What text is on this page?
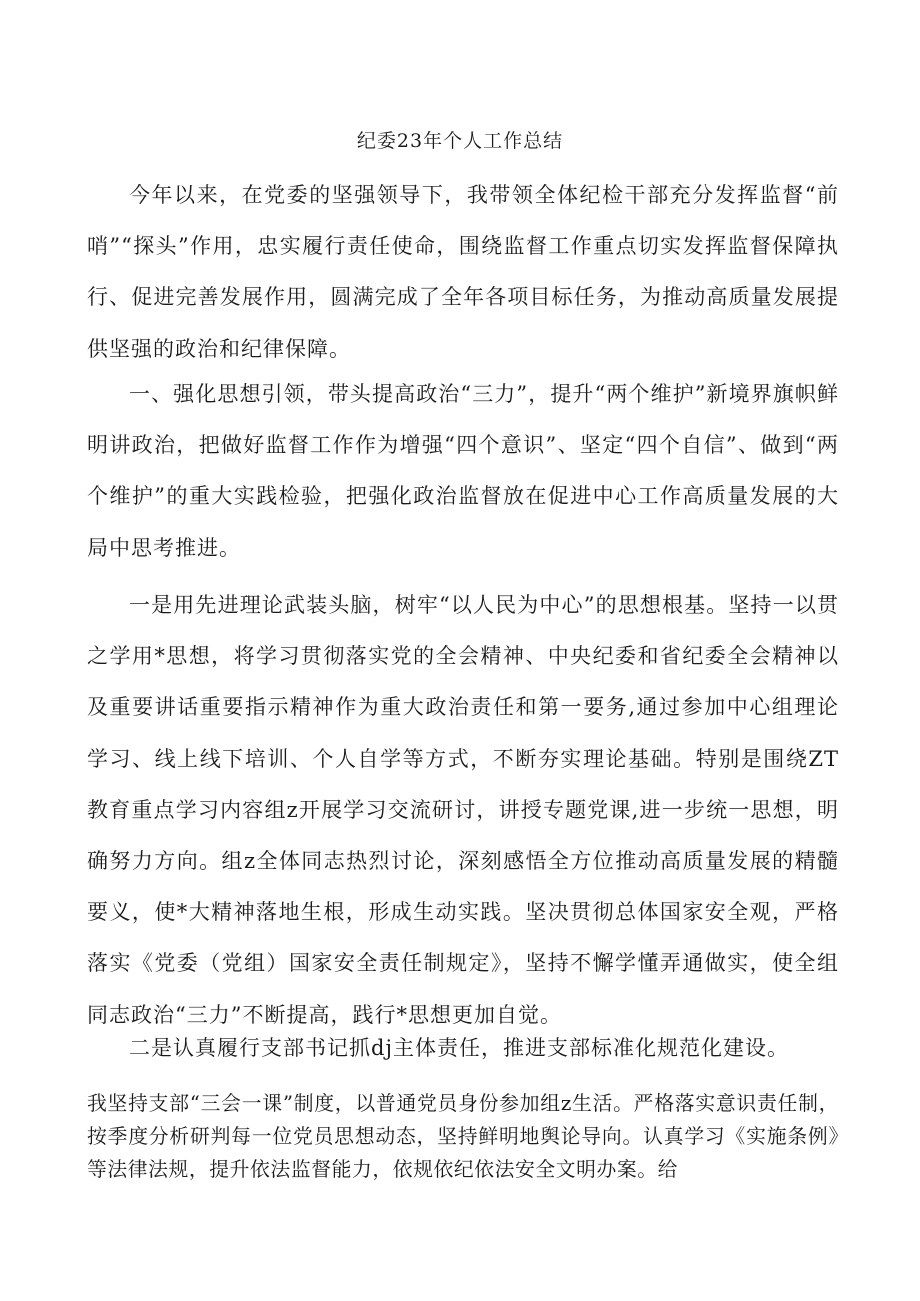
纪委23年个人工作总结

今年以来，在党委的坚强领导下，我带领全体纪检干部充分发挥监督“前哨”“探头”作用，忠实履行责任使命，围绕监督工作重点切实发挥监督保障执行、促进完善发展作用，圆满完成了全年各项目标任务，为推动高质量发展提供坚强的政治和纪律保障。

一、强化思想引领，带头提高政治“三力”，提升“两个维护”新境界旗帜鲜明讲政治，把做好监督工作作为增强“四个意识”、坚定“四个自信”、做到“两个维护”的重大实践检验，把强化政治监督放在促进中心工作高质量发展的大局中思考推进。

一是用先进理论武装头脑，树牢“以人民为中心”的思想根基。坚持一以贯之学用*思想，将学习贯彻落实党的全会精神、中央纪委和省纪委全会精神以及重要讲话重要指示精神作为重大政治责任和第一要务,通过参加中心组理论学习、线上线下培训、个人自学等方式，不断夯实理论基础。特别是围绕ZT教育重点学习内容组z开展学习交流研讨，讲授专题党课,进一步统一思想，明确努力方向。组z全体同志热烈讨论，深刻感悟全方位推动高质量发展的精髓要义，使*大精神落地生根，形成生动实践。坚决贯彻总体国家安全观，严格落实《党委（党组）国家安全责任制规定》，坚持不懈学懂弄通做实，使全组同志政治“三力”不断提高，践行*思想更加自觉。

二是认真履行支部书记抓dj主体责任，推进支部标准化规范化建设。

我坚持支部“三会一课”制度，以普通党员身份参加组z生活。严格落实意识责任制，按季度分析研判每一位党员思想动态，坚持鲜明地舆论导向。认真学习《实施条例》等法律法规，提升依法监督能力，依规依纪依法安全文明办案。给
